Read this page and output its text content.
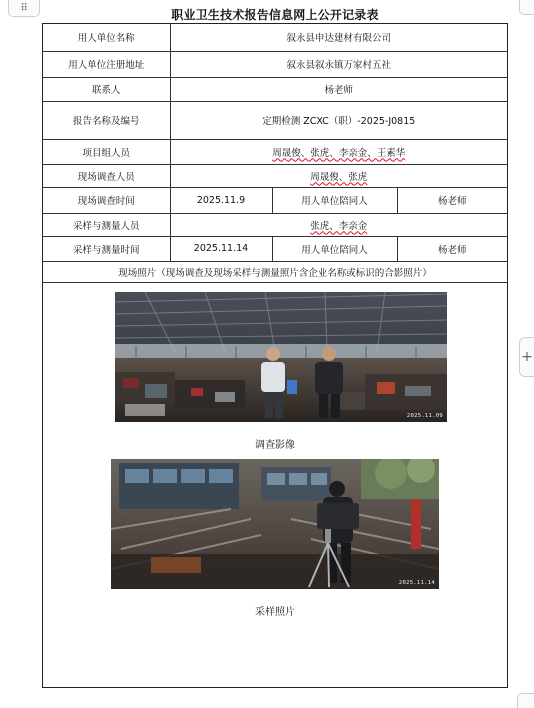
⠿
+
职业卫生技术报告信息网上公开记录表
用人单位名称	叙永县申达建材有限公司		
用人单位注册地址	叙永县叙永镇万家村五社		
联系人	杨老师		
报告名称及编号	定期检测 ZCXC（职）-2025-J0815		
项目组人员	周晟俊、张虎、李亲金、王素华		
现场调查人员	周晟俊、张虎		
现场调查时间	2025.11.9	用人单位陪同人	杨老师
采样与测量人员	张虎、李亲金		
采样与测量时间	2025.11.14	用人单位陪同人	杨老师
现场照片（现场调查及现场采样与测量照片含企业名称或标识的合影照片）			
2025.11.09
调查影像
2025.11.14
采样照片
